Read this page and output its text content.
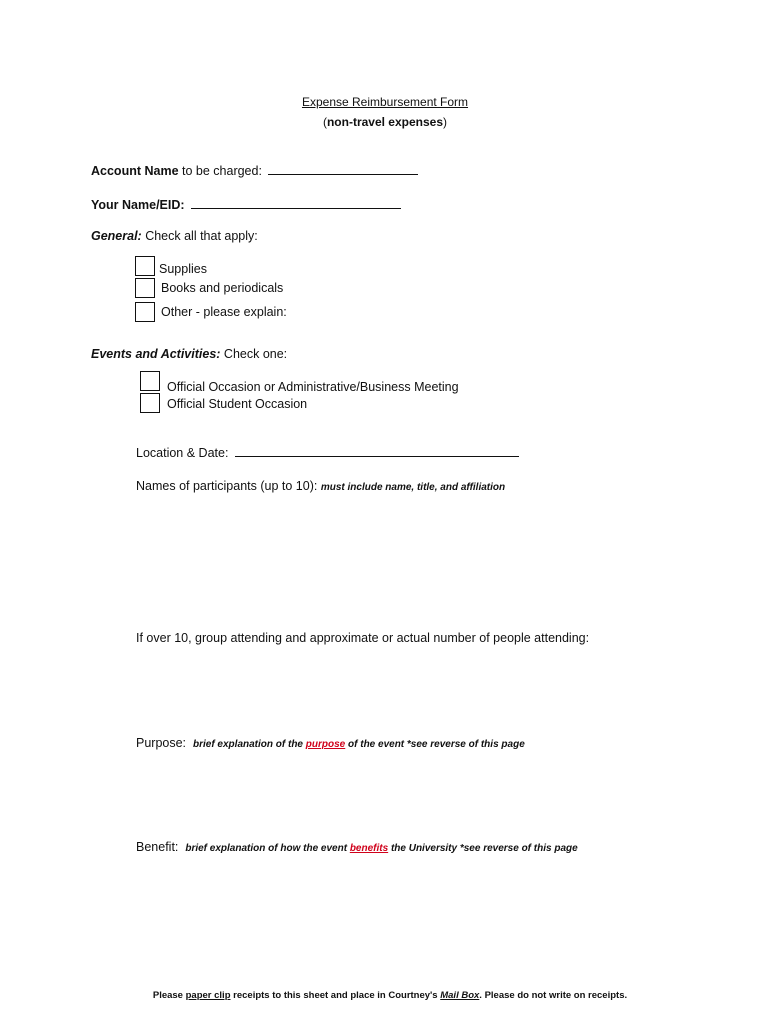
Expense Reimbursement Form
(non-travel expenses)
Account Name to be charged:
Your Name/EID:
General: Check all that apply:
Supplies
Books and periodicals
Other - please explain:
Events and Activities: Check one:
Official Occasion or Administrative/Business Meeting
Official Student Occasion
Location & Date:
Names of participants (up to 10): must include name, title, and affiliation
If over 10, group attending and approximate or actual number of people attending:
Purpose: brief explanation of the purpose of the event *see reverse of this page
Benefit: brief explanation of how the event benefits the University *see reverse of this page
Please paper clip receipts to this sheet and place in Courtney's Mail Box. Please do not write on receipts.
